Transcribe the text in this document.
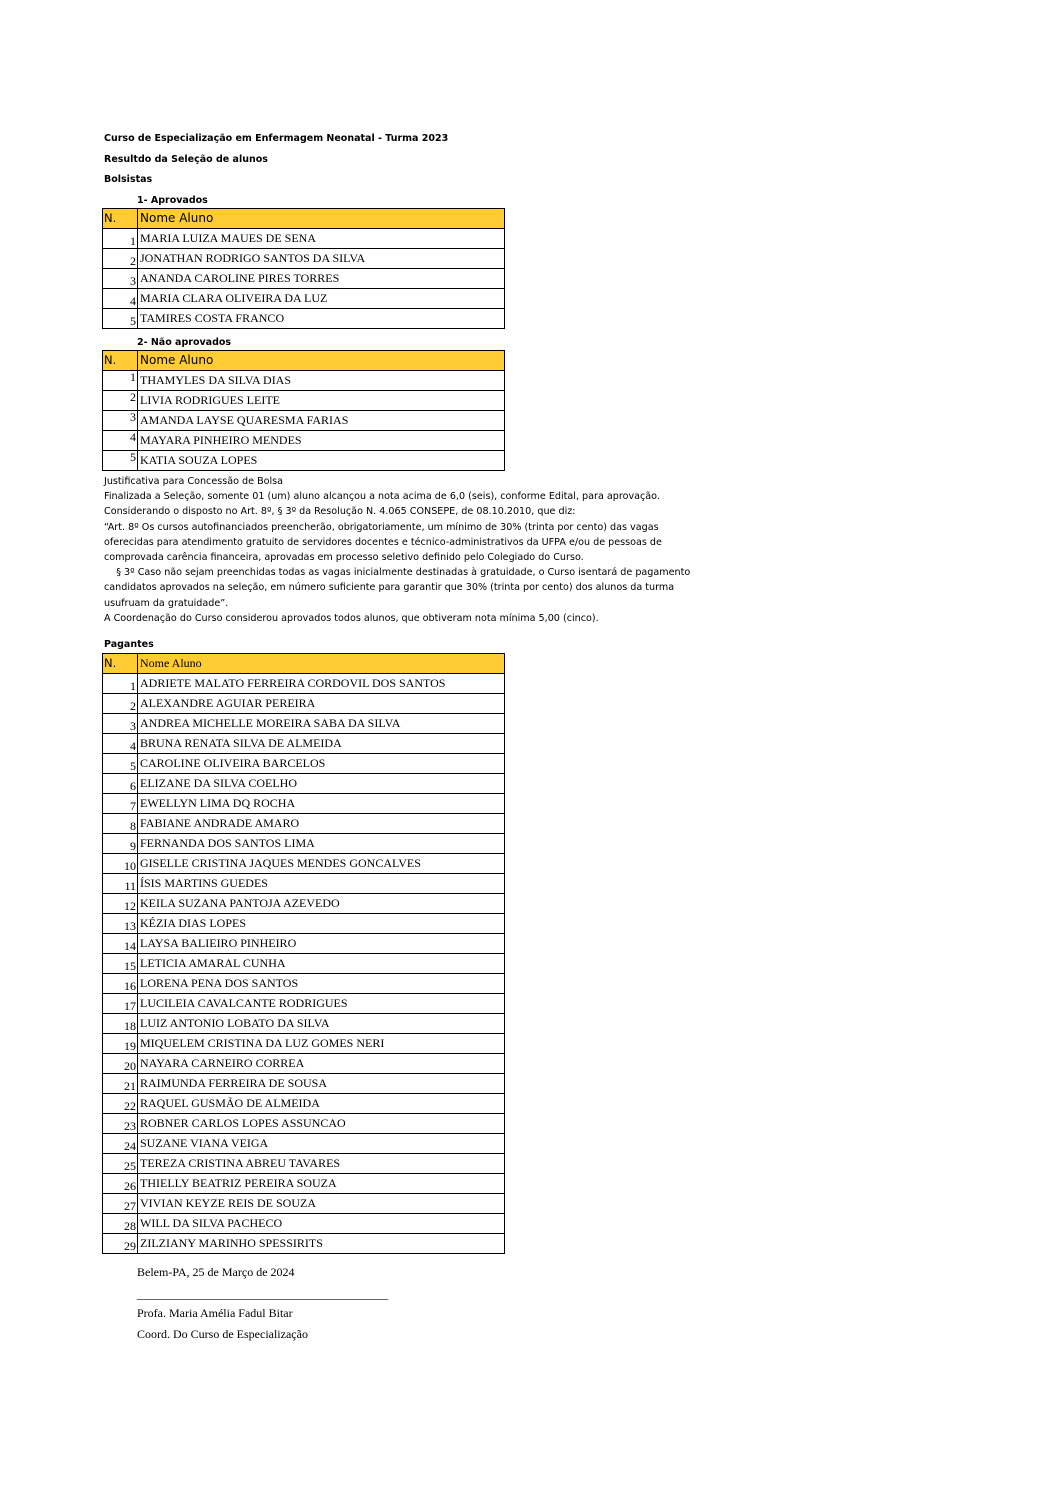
Curso de Especialização em Enfermagem Neonatal - Turma 2023
Resultdo da Seleção de alunos
Bolsistas
1- Aprovados
N.	Nome Aluno
1	MARIA LUIZA MAUES DE SENA
2	JONATHAN RODRIGO SANTOS DA SILVA
3	ANANDA CAROLINE PIRES TORRES
4	MARIA CLARA OLIVEIRA DA LUZ
5	TAMIRES COSTA FRANCO
2- Não aprovados
N.	Nome Aluno
1	THAMYLES DA SILVA DIAS
2	LIVIA RODRIGUES LEITE
3	AMANDA LAYSE QUARESMA FARIAS
4	MAYARA PINHEIRO MENDES
5	KATIA SOUZA LOPES

Justificativa para Concessão de Bolsa

Finalizada a Seleção, somente 01 (um) aluno alcançou a nota acima de 6,0 (seis), conforme Edital, para aprovação.

Considerando o disposto no Art. 8º, § 3º da Resolução N. 4.065 CONSEPE, de 08.10.2010, que diz:

“Art. 8º Os cursos autofinanciados preencherão, obrigatoriamente, um mínimo de 30% (trinta por cento) das vagas

oferecidas para atendimento gratuito de servidores docentes e técnico-administrativos da UFPA e/ou de pessoas de

comprovada carência financeira, aprovadas em processo seletivo definido pelo Colegiado do Curso.

§ 3º Caso não sejam preenchidas todas as vagas inicialmente destinadas à gratuidade, o Curso isentará de pagamento

candidatos aprovados na seleção, em número suficiente para garantir que 30% (trinta por cento) dos alunos da turma

usufruam da gratuidade”.

A Coordenação do Curso considerou aprovados todos alunos, que obtiveram nota mínima 5,00 (cinco).

Pagantes
N.	Nome Aluno
1	ADRIETE MALATO FERREIRA CORDOVIL DOS SANTOS
2	ALEXANDRE AGUIAR PEREIRA
3	ANDREA MICHELLE MOREIRA SABA DA SILVA
4	BRUNA RENATA SILVA DE ALMEIDA
5	CAROLINE OLIVEIRA BARCELOS
6	ELIZANE DA SILVA COELHO
7	EWELLYN LIMA DQ ROCHA
8	FABIANE ANDRADE AMARO
9	FERNANDA DOS SANTOS LIMA
10	GISELLE CRISTINA JAQUES MENDES GONCALVES
11	ÍSIS MARTINS GUEDES
12	KEILA SUZANA PANTOJA AZEVEDO
13	KÉZIA DIAS LOPES
14	LAYSA BALIEIRO PINHEIRO
15	LETICIA AMARAL CUNHA
16	LORENA PENA DOS SANTOS
17	LUCILEIA CAVALCANTE RODRIGUES
18	LUIZ ANTONIO LOBATO DA SILVA
19	MIQUELEM CRISTINA DA LUZ GOMES NERI
20	NAYARA CARNEIRO CORREA
21	RAIMUNDA FERREIRA DE SOUSA
22	RAQUEL GUSMÃO DE ALMEIDA
23	ROBNER CARLOS LOPES ASSUNCAO
24	SUZANE VIANA VEIGA
25	TEREZA CRISTINA ABREU TAVARES
26	THIELLY BEATRIZ PEREIRA SOUZA
27	VIVIAN KEYZE REIS DE SOUZA
28	WILL DA SILVA PACHECO
29	ZILZIANY MARINHO SPESSIRITS
Belem-PA, 25 de Março de 2024
____________________________________________
Profa. Maria Amélia Fadul Bitar
Coord. Do Curso de Especialização
